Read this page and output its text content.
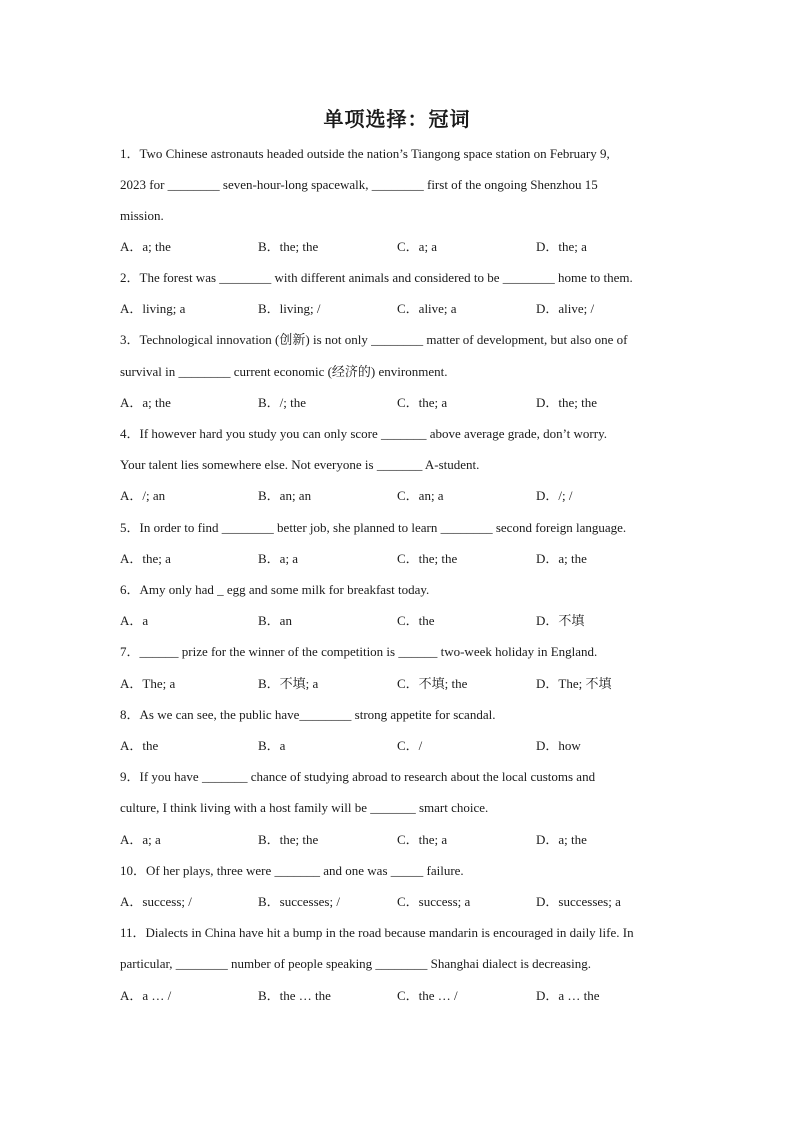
单项选择：冠词
1．Two Chinese astronauts headed outside the nation’s Tiangong space station on February 9,
2023 for ________ seven-hour-long spacewalk, ________ first of the ongoing Shenzhou 15
mission.
A．a; the	B．the; the	C．a; a	D．the; a
2．The forest was ________ with different animals and considered to be ________ home to them.
A．living; a	B．living; /	C．alive; a	D．alive; /
3．Technological innovation (创新) is not only ________ matter of development, but also one of
survival in ________ current economic (经济的) environment.
A．a; the	B．/; the	C．the; a	D．the; the
4．If however hard you study you can only score _______ above average grade, don’t worry.
Your talent lies somewhere else. Not everyone is _______ A-student.
A．/; an	B．an; an	C．an; a	D．/; /
5．In order to find ________ better job, she planned to learn ________ second foreign language.
A．the; a	B．a; a	C．the; the	D．a; the
6．Amy only had _ egg and some milk for breakfast today.
A．a	B．an	C．the	D．不填
7．______ prize for the winner of the competition is ______ two-week holiday in England.
A．The; a	B．不填; a	C．不填; the	D．The; 不填
8．As we can see, the public have________ strong appetite for scandal.
A．the	B．a	C．/	D．how
9．If you have _______ chance of studying abroad to research about the local customs and
culture, I think living with a host family will be _______ smart choice.
A．a; a	B．the; the	C．the; a	D．a; the
10．Of her plays, three were _______ and one was _____ failure.
A．success; /	B．successes; /	C．success; a	D．successes; a
11．Dialects in China have hit a bump in the road because mandarin is encouraged in daily life. In
particular, ________ number of people speaking ________ Shanghai dialect is decreasing.
A．a … /	B．the … the	C．the … /	D．a … the
